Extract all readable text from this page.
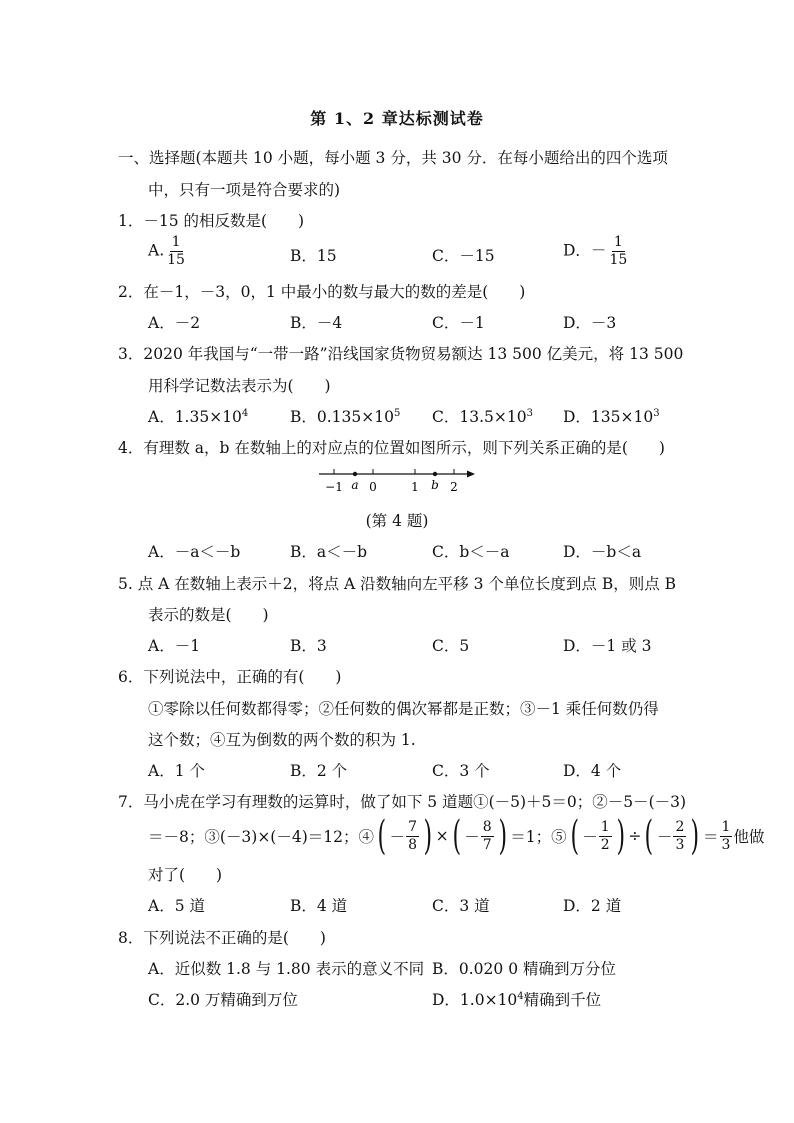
第 1、2 章达标测试卷
一、选择题(本题共 10 小题，每小题 3 分，共 30 分．在每小题给出的四个选项
中，只有一项是符合要求的)
1．－15 的相反数是(　　)
A. $\frac{1}{15}$	B．15	C．－15	D．－ $\frac{1}{15}$
2．在－1，－3，0，1 中最小的数与最大的数的差是(　　)
A．－2	B．－4	C．－1	D．－3
3．2020 年我国与“一带一路”沿线国家货物贸易额达 13 500 亿美元，将 13 500
用科学记数法表示为(　　)
A．$1.35\times 10^4$	B．$0.135\times 10^5$ C．$13.5\times 10^3$ D．$135\times 10^3$
4．有理数 a，b 在数轴上的对应点的位置如图所示，则下列关系正确的是(　　)
−1 a 0	1 b 2
(第 4 题)
A．－a＜－b	B．a＜－b	C．b＜－a	D．－b＜a
5. 点 A 在数轴上表示＋2，将点 A 沿数轴向左平移 3 个单位长度到点 B，则点 B
表示的数是(　　)
A．－1	B．3	C．5	D．－1 或 3
6．下列说法中，正确的有(　　)
①零除以任何数都得零；②任何数的偶次幂都是正数；③－1 乘任何数仍得
这个数；④互为倒数的两个数的积为 1.
A．1 个	B．2 个	C．3 个	D．4 个
7．马小虎在学习有理数的运算时，做了如下 5 道题①(－5)＋5＝0；②－5－(－3)
＝－8；③(－3)×(－4)＝12；④ ( － $\frac{7}{8}$ ) × ( － $\frac{8}{7}$ ) ＝1；⑤ ( － $\frac{1}{2}$ ) ÷ ( － $\frac{2}{3}$ ) ＝ $\frac{1}{3}$ 他做
对了(　　)
A．5 道	B．4 道	C．3 道	D．2 道
8．下列说法不正确的是(　　)
A．近似数 1.8 与 1.80 表示的意义不同 B．0.020 0 精确到万分位
C．2.0 万精确到万位	D．$1.0\times 10^4$精确到千位
